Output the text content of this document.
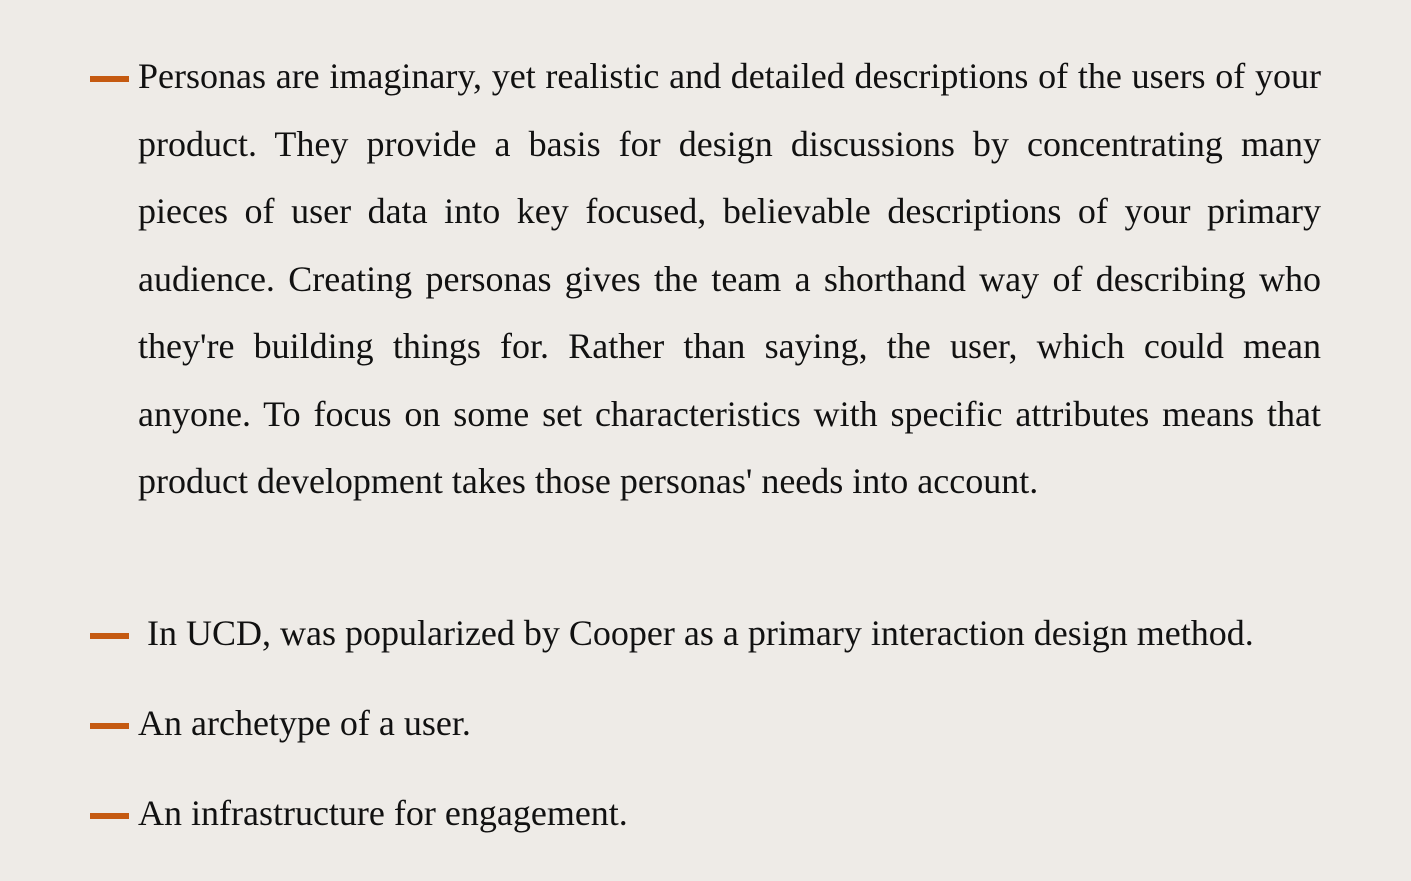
Personas are imaginary, yet realistic and detailed descriptions of the users of your product. They provide a basis for design discussions by concentrating many pieces of user data into key focused, believable descriptions of your primary audience. Creating personas gives the team a shorthand way of describing who they're building things for. Rather than saying, the user, which could mean anyone. To focus on some set characteristics with specific attributes means that product development takes those personas' needs into account.
In UCD, was popularized by Cooper as a primary interaction design method.
An archetype of a user.
An infrastructure for engagement.
